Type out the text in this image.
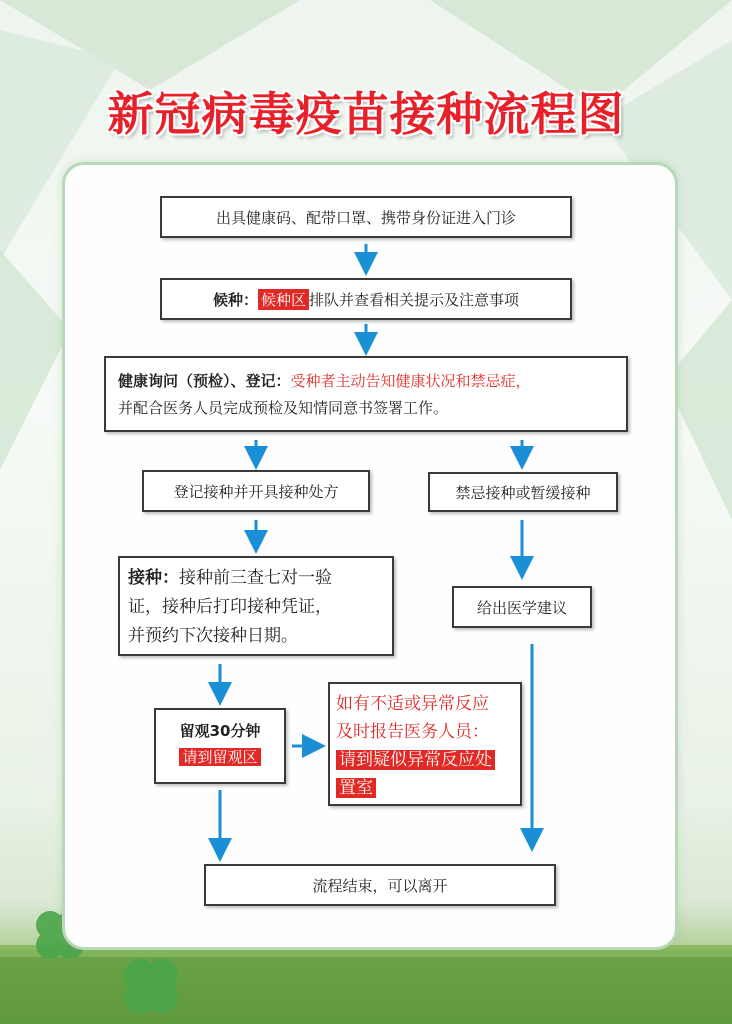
新冠病毒疫苗接种流程图
出具健康码、配带口罩、携带身份证进入门诊
候种： 候种区 排队并查看相关提示及注意事项
健康询问（预检）、登记：受种者主动告知健康状况和禁忌症，
并配合医务人员完成预检及知情同意书签署工作。
登记接种并开具接种处方	禁忌接种或暂缓接种
接种：接种前三查七对一验
证，接种后打印接种凭证，
并预约下次接种日期。
给出医学建议
留观30分钟
请到留观区
如有不适或异常反应
及时报告医务人员：
请到疑似异常反应处
置室
流程结束，可以离开
